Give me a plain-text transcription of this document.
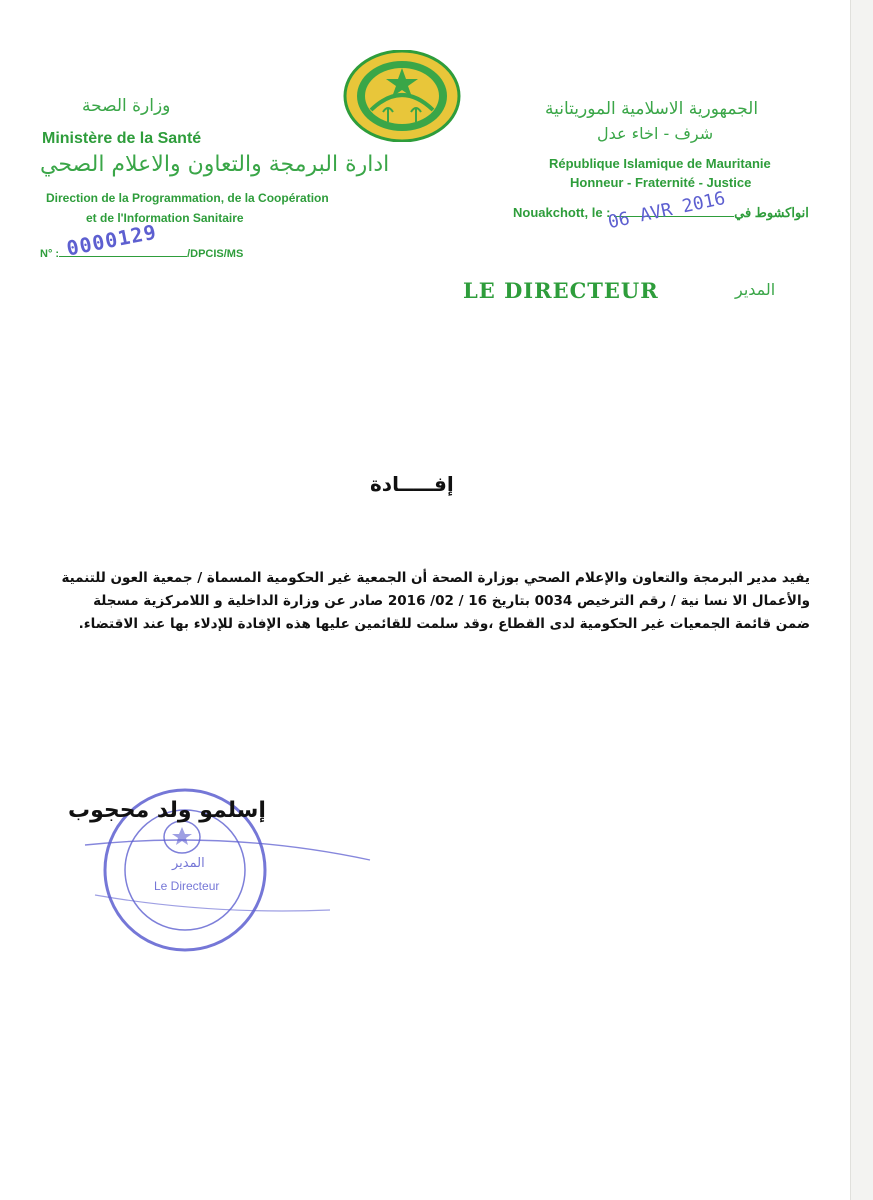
وزارة الصحة
Ministère de la Santé
ادارة البرمجة والتعاون والاعلام الصحي
Direction de la Programmation, de la Coopération
et de l'Information Sanitaire
N° :	/DPCIS/MS
0000129
الجمهورية الاسلامية الموريتانية
شرف - اخاء عدل
République Islamique de Mauritanie
Honneur - Fraternité - Justice
Nouakchott, le :	انواكشوط في
06 AVR 2016
LE DIRECTEUR	المدير
إفـــــادة
يفيد مدير البرمجة والتعاون والإعلام الصحي بوزارة الصحة أن الجمعية غير الحكومية المسماة / جمعية العون للتنمية
والأعمال الا نسا نية / رقم الترخيص 0034 بتاريخ 16 / 02/ 2016 صادر عن وزارة الداخلية و اللامركزية مسجلة
ضمن قائمة الجمعيات غير الحكومية لدى القطاع ،وقد سلمت للقائمين عليها هذه الإفادة للإدلاء بها عند الاقتضاء.
المدير
Le Directeur
إسلمو ولد محجوب
